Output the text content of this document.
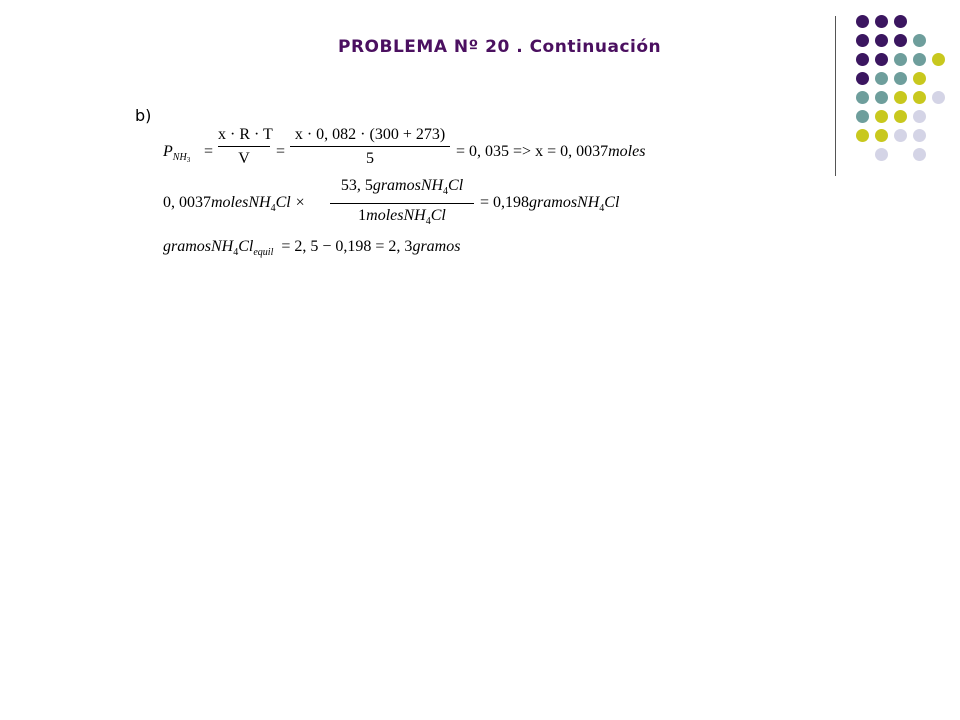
PROBLEMA Nº 20 . Continuación
b)
$P_{NH3}$ =
x · R · T
V	=
x · 0, 082 · (300 + 273)
5	= 0, 035 => x = 0, 0037moles
0, 0037molesNH$_4$Cl ×
53, 5gramosNH$_4$Cl
1molesNH$_4$Cl
= 0,198gramosNH$_4$Cl
$gramosNH_4Cl_{equil} = 2$, 5 − 0,198 = 2, 3gramos
